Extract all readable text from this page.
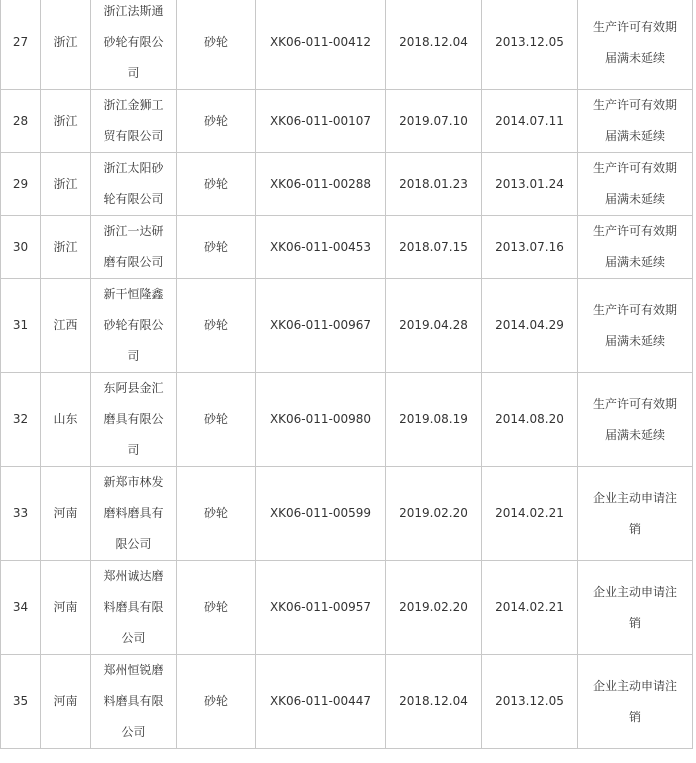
27	浙江	浙江法斯通砂轮有限公司	砂轮	XK06-011-00412	2018.12.04	2013.12.05	生产许可有效期届满未延续
28	浙江	浙江金狮工贸有限公司	砂轮	XK06-011-00107	2019.07.10	2014.07.11	生产许可有效期届满未延续
29	浙江	浙江太阳砂轮有限公司	砂轮	XK06-011-00288	2018.01.23	2013.01.24	生产许可有效期届满未延续
30	浙江	浙江一达研磨有限公司	砂轮	XK06-011-00453	2018.07.15	2013.07.16	生产许可有效期届满未延续
31	江西	新干恒隆鑫砂轮有限公司	砂轮	XK06-011-00967	2019.04.28	2014.04.29	生产许可有效期届满未延续
32	山东	东阿县金汇磨具有限公司	砂轮	XK06-011-00980	2019.08.19	2014.08.20	生产许可有效期届满未延续
33	河南	新郑市林发磨料磨具有限公司	砂轮	XK06-011-00599	2019.02.20	2014.02.21	企业主动申请注销
34	河南	郑州诚达磨料磨具有限公司	砂轮	XK06-011-00957	2019.02.20	2014.02.21	企业主动申请注销
35	河南	郑州恒锐磨料磨具有限公司	砂轮	XK06-011-00447	2018.12.04	2013.12.05	企业主动申请注销
